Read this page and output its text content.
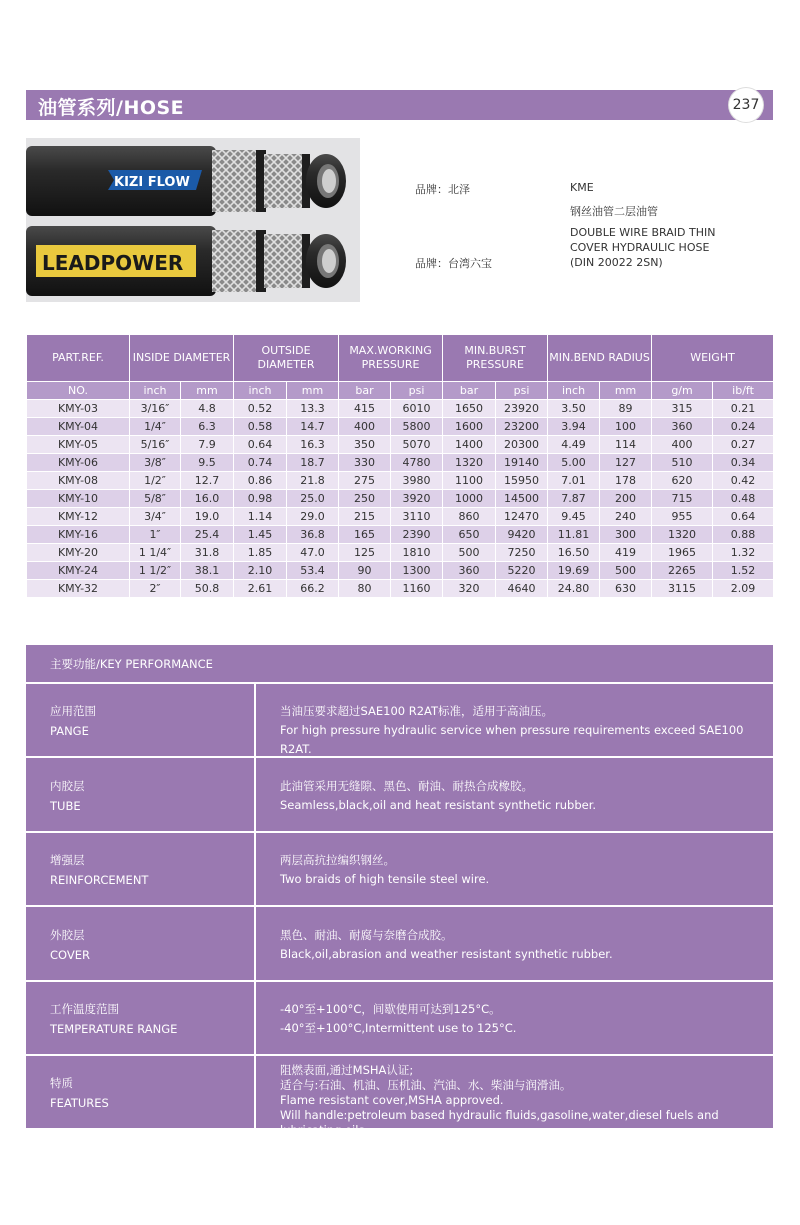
油管系列/HOSE	237
KIZI FLOW
LEADPOWER
品牌：北泽
品牌：台湾六宝
KME
钢丝油管二层油管
DOUBLE WIRE BRAID THIN
COVER HYDRAULIC HOSE
(DIN 20022 2SN)
PART.REF.	INSIDE DIAMETER		OUTSIDE DIAMETER		MAX.WORKING PRESSURE		MIN.BURST PRESSURE		MIN.BEND RADIUS		WEIGHT	
NO.	inch	mm	inch	mm	bar	psi	bar	psi	inch	mm	g/m	ib/ft
KMY-03	3/16″	4.8	0.52	13.3	415	6010	1650	23920	3.50	89	315	0.21
KMY-04	1/4″	6.3	0.58	14.7	400	5800	1600	23200	3.94	100	360	0.24
KMY-05	5/16″	7.9	0.64	16.3	350	5070	1400	20300	4.49	114	400	0.27
KMY-06	3/8″	9.5	0.74	18.7	330	4780	1320	19140	5.00	127	510	0.34
KMY-08	1/2″	12.7	0.86	21.8	275	3980	1100	15950	7.01	178	620	0.42
KMY-10	5/8″	16.0	0.98	25.0	250	3920	1000	14500	7.87	200	715	0.48
KMY-12	3/4″	19.0	1.14	29.0	215	3110	860	12470	9.45	240	955	0.64
KMY-16	1″	25.4	1.45	36.8	165	2390	650	9420	11.81	300	1320	0.88
KMY-20	1 1/4″	31.8	1.85	47.0	125	1810	500	7250	16.50	419	1965	1.32
KMY-24	1 1/2″	38.1	2.10	53.4	90	1300	360	5220	19.69	500	2265	1.52
KMY-32	2″	50.8	2.61	66.2	80	1160	320	4640	24.80	630	3115	2.09
主要功能/KEY PERFORMANCE
应用范围
PANGE
当油压要求超过SAE100 R2AT标准，适用于高油压。
For high pressure hydraulic service when pressure requirements exceed SAE100 R2AT.
内胶层
TUBE
此油管采用无缝隙、黑色、耐油、耐热合成橡胶。
Seamless,black,oil and heat resistant synthetic rubber.
增强层
REINFORCEMENT
两层高抗拉编织钢丝。
Two braids of high tensile steel wire.
外胶层
COVER
黑色、耐油、耐腐与奈磨合成胶。
Black,oil,abrasion and weather resistant synthetic rubber.
工作温度范围
TEMPERATURE RANGE
-40°至+100°C，间歇使用可达到125°C。
-40°至+100°C,Intermittent use to 125°C.
特质
FEATURES
阻燃表面,通过MSHA认证;
适合与:石油、机油、压机油、汽油、水、柴油与润滑油。
Flame resistant cover,MSHA approved.
Will handle:petroleum based hydraulic fluids,gasoline,water,diesel fuels and lubricating oils.
